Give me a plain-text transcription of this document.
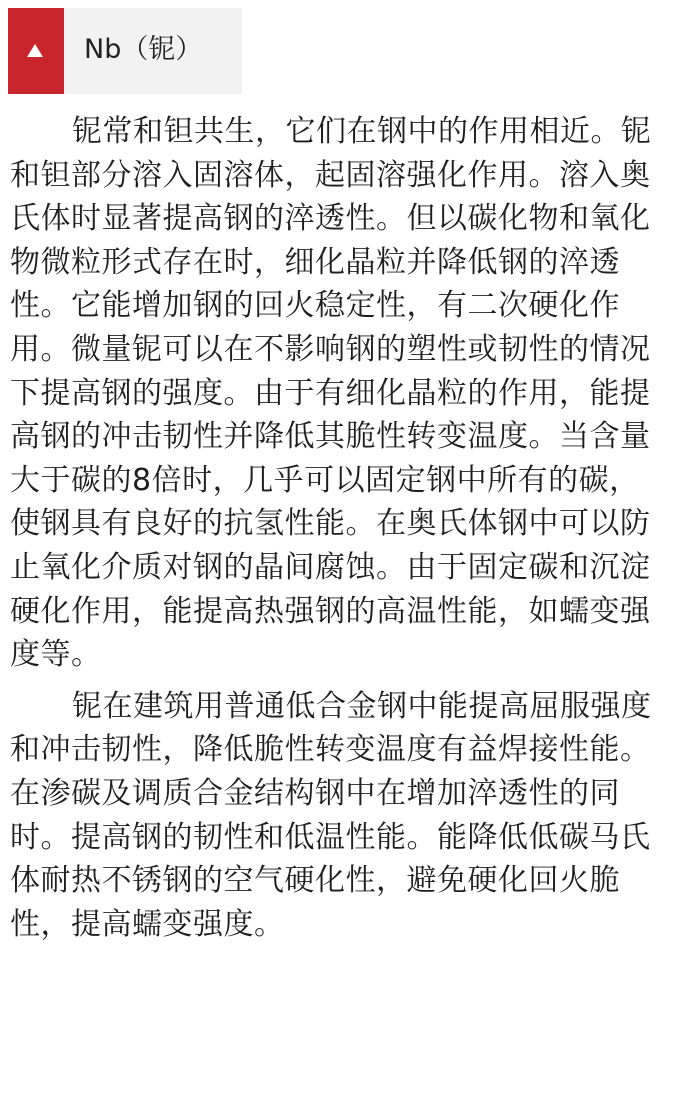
Nb（铌）

铌常和钽共生，它们在钢中的作用相近。铌
和钽部分溶入固溶体，起固溶强化作用。溶入奥
氏体时显著提高钢的淬透性。但以碳化物和氧化
物微粒形式存在时，细化晶粒并降低钢的淬透
性。它能增加钢的回火稳定性，有二次硬化作
用。微量铌可以在不影响钢的塑性或韧性的情况
下提高钢的强度。由于有细化晶粒的作用，能提
高钢的冲击韧性并降低其脆性转变温度。当含量
大于碳的8倍时，几乎可以固定钢中所有的碳，
使钢具有良好的抗氢性能。在奥氏体钢中可以防
止氧化介质对钢的晶间腐蚀。由于固定碳和沉淀
硬化作用，能提高热强钢的高温性能，如蠕变强
度等。

铌在建筑用普通低合金钢中能提高屈服强度
和冲击韧性，降低脆性转变温度有益焊接性能。
在渗碳及调质合金结构钢中在增加淬透性的同
时。提高钢的韧性和低温性能。能降低低碳马氏
体耐热不锈钢的空气硬化性，避免硬化回火脆
性，提高蠕变强度。
